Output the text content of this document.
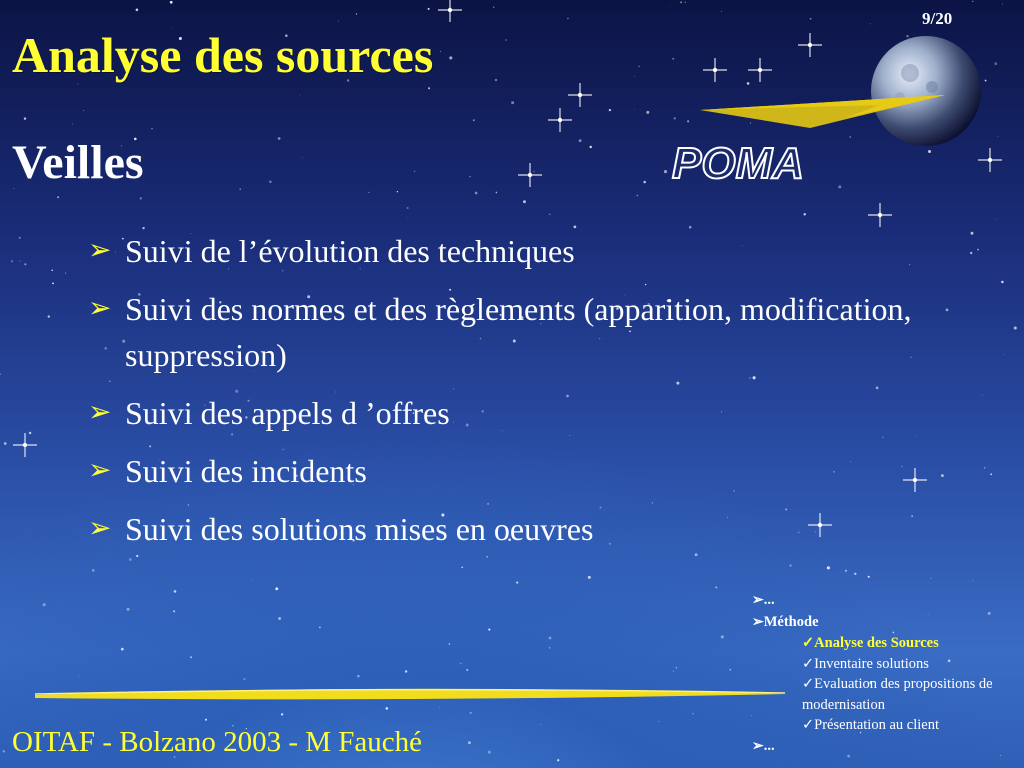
9/20
Analyse des sources
Veilles	POMA
➢ Suivi de l’évolution des techniques
➢ Suivi des normes et des règlements (apparition, modification, suppression)
➢ Suivi des appels d ’offres
➢ Suivi des incidents
➢ Suivi des solutions mises en oeuvres
OITAF - Bolzano 2003 - M Fauché
➢...
➢Méthode
✓Analyse des Sources
✓Inventaire solutions
✓Evaluation des propositions de modernisation
✓Présentation au client
➢...
